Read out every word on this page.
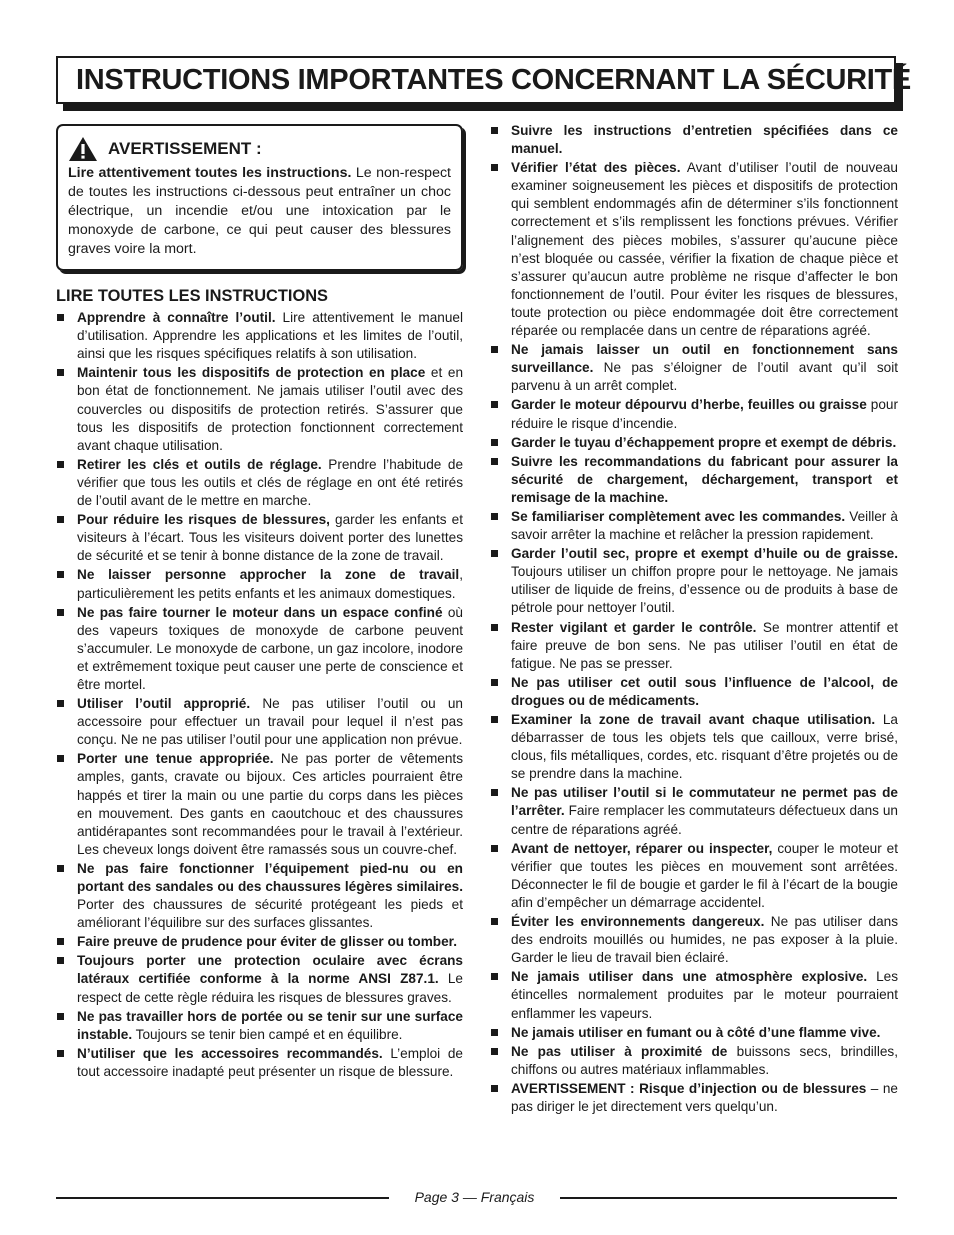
INSTRUCTIONS IMPORTANTES CONCERNANT LA SÉCURITÉ
AVERTISSEMENT :
Lire attentivement toutes les instructions. Le non-respect de toutes les instructions ci-dessous peut entraîner un choc électrique, un incendie et/ou une intoxication par le monoxyde de carbone, ce qui peut causer des blessures graves voire la mort.
LIRE TOUTES LES INSTRUCTIONS
Apprendre à connaître l’outil. Lire attentivement le manuel d’utilisation. Apprendre les applications et les limites de l’outil, ainsi que les risques spécifiques relatifs à son utilisation.
Maintenir tous les dispositifs de protection en place et en bon état de fonctionnement. Ne jamais utiliser l’outil avec des couvercles ou dispositifs de protection retirés. S’assurer que tous les dispositifs de protection fonctionnent correctement avant chaque utilisation.
Retirer les clés et outils de réglage. Prendre l’habitude de vérifier que tous les outils et clés de réglage en ont été retirés de l’outil avant de le mettre en marche.
Pour réduire les risques de blessures, garder les enfants et visiteurs à l’écart. Tous les visiteurs doivent porter des lunettes de sécurité et se tenir à bonne distance de la zone de travail.
Ne laisser personne approcher la zone de travail, particulièrement les petits enfants et les animaux domestiques.
Ne pas faire tourner le moteur dans un espace confiné où des vapeurs toxiques de monoxyde de carbone peuvent s’accumuler. Le monoxyde de carbone, un gaz incolore, inodore et extrêmement toxique peut causer une perte de conscience et être mortel.
Utiliser l’outil approprié. Ne pas utiliser l’outil ou un accessoire pour effectuer un travail pour lequel il n’est pas conçu. Ne ne pas utiliser l’outil pour une application non prévue.
Porter une tenue appropriée. Ne pas porter de vêtements amples, gants, cravate ou bijoux. Ces articles pourraient être happés et tirer la main ou une partie du corps dans les pièces en mouvement. Des gants en caoutchouc et des chaussures antidérapantes sont recommandées pour le travail à l’extérieur. Les cheveux longs doivent être ramassés sous un couvre-chef.
Ne pas faire fonctionner l’équipement pied-nu ou en portant des sandales ou des chaussures légères similaires. Porter des chaussures de sécurité protégeant les pieds et améliorant l’équilibre sur des surfaces glissantes.
Faire preuve de prudence pour éviter de glisser ou tomber.
Toujours porter une protection oculaire avec écrans latéraux certifiée conforme à la norme ANSI Z87.1. Le respect de cette règle réduira les risques de blessures graves.
Ne pas travailler hors de portée ou se tenir sur une surface instable. Toujours se tenir bien campé et en équilibre.
N’utiliser que les accessoires recommandés. L’emploi de tout accessoire inadapté peut présenter un risque de blessure.
Suivre les instructions d’entretien spécifiées dans ce manuel.
Vérifier l’état des pièces. Avant d’utiliser l’outil de nouveau examiner soigneusement les pièces et dispositifs de protection qui semblent endommagés afin de déterminer s’ils fonctionnent correctement et s’ils remplissent les fonctions prévues. Vérifier l’alignement des pièces mobiles, s’assurer qu’aucune pièce n’est bloquée ou cassée, vérifier la fixation de chaque pièce et s’assurer qu’aucun autre problème ne risque d’affecter le bon fonctionnement de l’outil. Pour éviter les risques de blessures, toute protection ou pièce endommagée doit être correctement réparée ou remplacée dans un centre de réparations agréé.
Ne jamais laisser un outil en fonctionnement sans surveillance. Ne pas s’éloigner de l’outil avant qu’il soit parvenu à un arrêt complet.
Garder le moteur dépourvu d’herbe, feuilles ou graisse pour réduire le risque d’incendie.
Garder le tuyau d’échappement propre et exempt de débris.
Suivre les recommandations du fabricant pour assurer la sécurité de chargement, déchargement, transport et remisage de la machine.
Se familiariser complètement avec les commandes. Veiller à savoir arrêter la machine et relâcher la pression rapidement.
Garder l’outil sec, propre et exempt d’huile ou de graisse. Toujours utiliser un chiffon propre pour le nettoyage. Ne jamais utiliser de liquide de freins, d’essence ou de produits à base de pétrole pour nettoyer l’outil.
Rester vigilant et garder le contrôle. Se montrer attentif et faire preuve de bon sens. Ne pas utiliser l’outil en état de fatigue. Ne pas se presser.
Ne pas utiliser cet outil sous l’influence de l’alcool, de drogues ou de médicaments.
Examiner la zone de travail avant chaque utilisation. La débarrasser de tous les objets tels que cailloux, verre brisé, clous, fils métalliques, cordes, etc. risquant d’être projetés ou de se prendre dans la machine.
Ne pas utiliser l’outil si le commutateur ne permet pas de l’arrêter. Faire remplacer les commutateurs défectueux dans un centre de réparations agréé.
Avant de nettoyer, réparer ou inspecter, couper le moteur et vérifier que toutes les pièces en mouvement sont arrêtées. Déconnecter le fil de bougie et garder le fil à l’écart de la bougie afin d’empêcher un démarrage accidentel.
Éviter les environnements dangereux. Ne pas utiliser dans des endroits mouillés ou humides, ne pas exposer à la pluie. Garder le lieu de travail bien éclairé.
Ne jamais utiliser dans une atmosphère explosive. Les étincelles normalement produites par le moteur pourraient enflammer les vapeurs.
Ne jamais utiliser en fumant ou à côté d’une flamme vive.
Ne pas utiliser à proximité de buissons secs, brindilles, chiffons ou autres matériaux inflammables.
AVERTISSEMENT : Risque d’injection ou de blessures – ne pas diriger le jet directement vers quelqu’un.
Page 3 — Français
